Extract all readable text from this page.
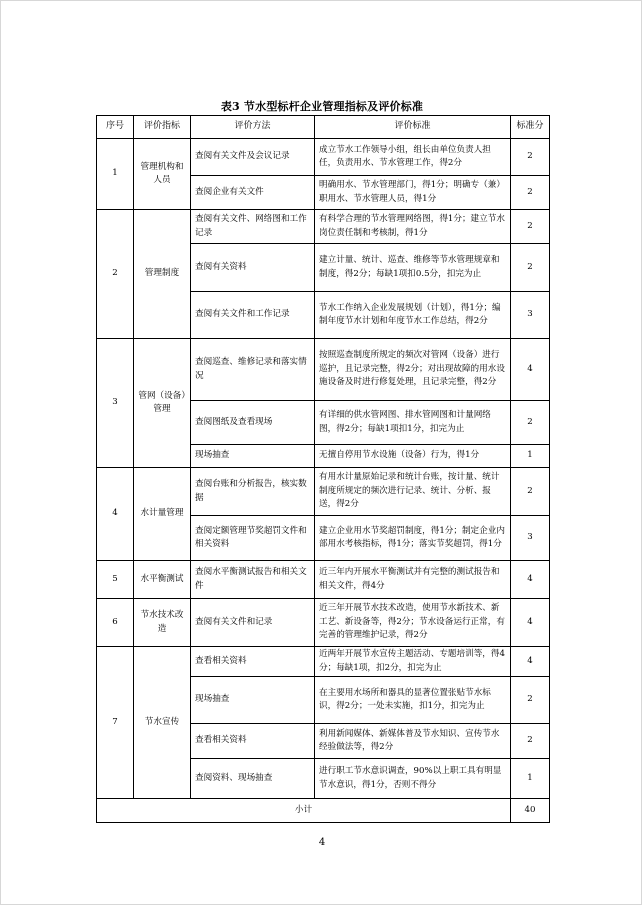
表3 节水型标杆企业管理指标及评价标准
序号	评价指标	评价方法	评价标准	标准分
1	管理机构和人员	查阅有关文件及会议记录	成立节水工作领导小组，组长由单位负责人担任，负责用水、节水管理工作，得2分	2
		查阅企业有关文件	明确用水、节水管理部门，得1分；明确专（兼）职用水、节水管理人员，得1分	2
2	管理制度	查阅有关文件、网络图和工作记录	有科学合理的节水管理网络图，得1分；建立节水岗位责任制和考核制，得1分	2
		查阅有关资料	建立计量、统计、巡查、维修等节水管理规章和制度，得2分；每缺1项扣0.5分，扣完为止	2
		查阅有关文件和工作记录	节水工作纳入企业发展规划（计划），得1分；编制年度节水计划和年度节水工作总结，得2分	3
3	管网（设备）管理	查阅巡查、维修记录和落实情况	按照巡查制度所规定的频次对管网（设备）进行巡护，且记录完整，得2分；对出现故障的用水设施设备及时进行修复处理，且记录完整，得2分	4
		查阅图纸及查看现场	有详细的供水管网图、排水管网图和计量网络图，得2分；每缺1项扣1分，扣完为止	2
		现场抽查	无擅自停用节水设施（设备）行为，得1分	1
4	水计量管理	查阅台账和分析报告，核实数据	有用水计量原始记录和统计台账，按计量、统计制度所规定的频次进行记录、统计、分析、报送，得2分	2
		查阅定额管理节奖超罚文件和相关资料	建立企业用水节奖超罚制度，得1分；制定企业内部用水考核指标，得1分；落实节奖超罚，得1分	3
5	水平衡测试	查阅水平衡测试报告和相关文件	近三年内开展水平衡测试并有完整的测试报告和相关文件，得4分	4
6	节水技术改造	查阅有关文件和记录	近三年开展节水技术改造，使用节水新技术、新工艺、新设备等，得2分；节水设备运行正常，有完善的管理维护记录，得2分	4
7	节水宣传	查看相关资料	近两年开展节水宣传主题活动、专题培训等，得4分；每缺1项，扣2分，扣完为止	4
		现场抽查	在主要用水场所和器具的显著位置张贴节水标识，得2分；一处未实施，扣1分，扣完为止	2
		查看相关资料	利用新闻媒体、新媒体普及节水知识、宣传节水经验做法等，得2分	2
		查阅资料、现场抽查	进行职工节水意识调查，90%以上职工具有明显节水意识，得1分，否则不得分	1
小计				40
4
